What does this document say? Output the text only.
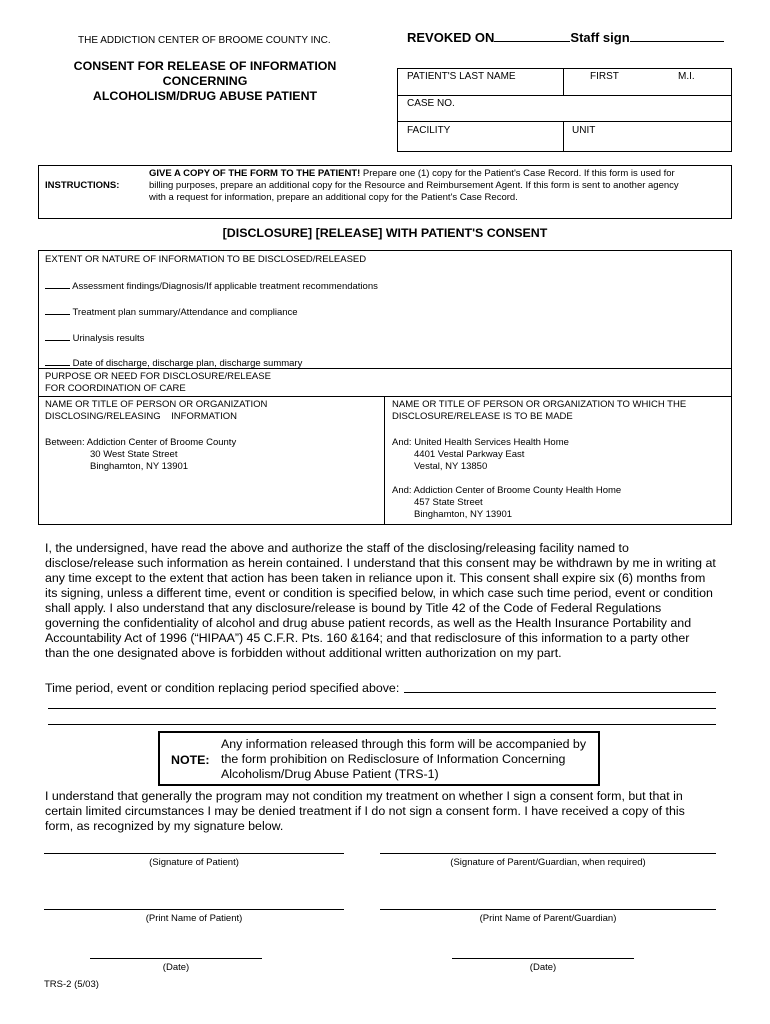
THE ADDICTION CENTER OF BROOME COUNTY INC.	REVOKED ON	Staff sign
CONSENT FOR RELEASE OF INFORMATION
CONCERNING
ALCOHOLISM/DRUG ABUSE PATIENT
PATIENT'S LAST NAME	FIRST	M.I.
CASE NO.
FACILITY	UNIT
INSTRUCTIONS:
GIVE A COPY OF THE FORM TO THE PATIENT! Prepare one (1) copy for the Patient's Case Record. If this form is used for
billing purposes, prepare an additional copy for the Resource and Reimbursement Agent. If this form is sent to another agency
with a request for information, prepare an additional copy for the Patient's Case Record.
[DISCLOSURE] [RELEASE] WITH PATIENT'S CONSENT
EXTENT OR NATURE OF INFORMATION TO BE DISCLOSED/RELEASED
Assessment findings/Diagnosis/If applicable treatment recommendations
Treatment plan summary/Attendance and compliance
Urinalysis results
Date of discharge, discharge plan, discharge summary
PURPOSE OR NEED FOR DISCLOSURE/RELEASE
FOR COORDINATION OF CARE
NAME OR TITLE OF PERSON OR ORGANIZATION
DISCLOSING/RELEASING    INFORMATION
Between: Addiction Center of Broome County
30 West State Street
Binghamton, NY 13901
NAME OR TITLE OF PERSON OR ORGANIZATION TO WHICH THE
DISCLOSURE/RELEASE IS TO BE MADE
And: United Health Services Health Home
4401 Vestal Parkway East
Vestal, NY 13850
And: Addiction Center of Broome County Health Home
457 State Street
Binghamton, NY 13901
I, the undersigned, have read the above and authorize the staff of the disclosing/releasing facility named to
disclose/release such information as herein contained. I understand that this consent may be withdrawn by me in writing at
any time except to the extent that action has been taken in reliance upon it. This consent shall expire six (6) months from
its signing, unless a different time, event or condition is specified below, in which case such time period, event or condition
shall apply. I also understand that any disclosure/release is bound by Title 42 of the Code of Federal Regulations
governing the confidentiality of alcohol and drug abuse patient records, as well as the Health Insurance Portability and
Accountability Act of 1996 (“HIPAA”) 45 C.F.R. Pts. 160 &164; and that redisclosure of this information to a party other
than the one designated above is forbidden without additional written authorization on my part.
Time period, event or condition replacing period specified above:
NOTE:
Any information released through this form will be accompanied by
the form prohibition on Redisclosure of Information Concerning
Alcoholism/Drug Abuse Patient (TRS-1)
I understand that generally the program may not condition my treatment on whether I sign a consent form, but that in
certain limited circumstances I may be denied treatment if I do not sign a consent form. I have received a copy of this
form, as recognized by my signature below.
(Signature of Patient)	(Signature of Parent/Guardian, when required)
(Print Name of Patient)	(Print Name of Parent/Guardian)
(Date)	(Date)
TRS-2 (5/03)
